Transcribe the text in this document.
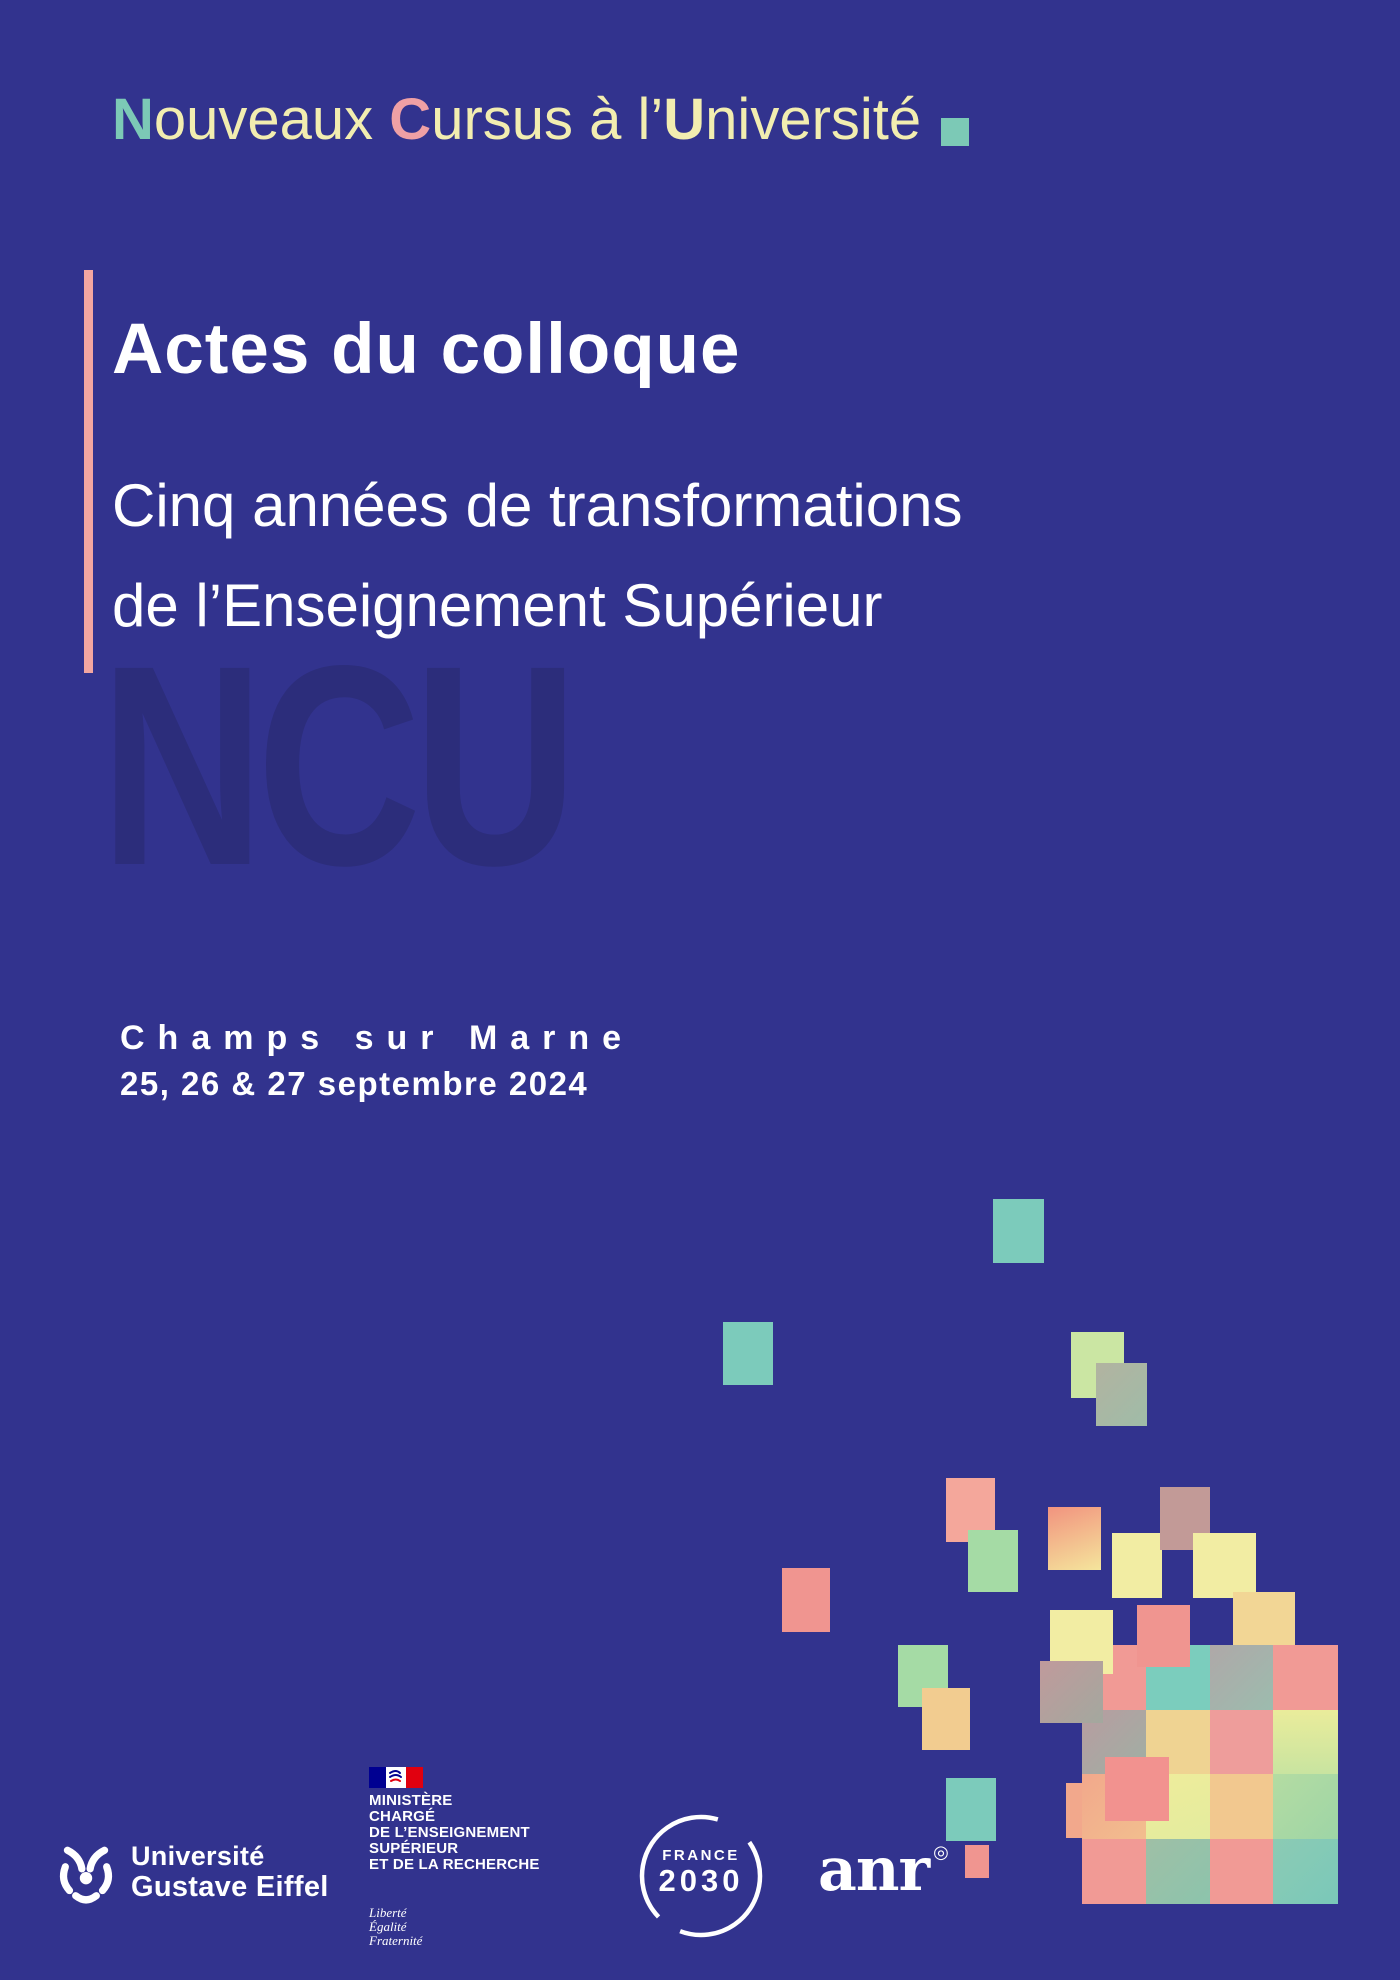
Nouveaux Cursus à l’Université
Actes du colloque
Cinq années de transformations
de l’Enseignement Supérieur
NCU
Champs sur Marne
25, 26 & 27 septembre 2024
Université
Gustave Eiffel
MINISTÈRE
CHARGÉ
DE L’ENSEIGNEMENT
SUPÉRIEUR
ET DE LA RECHERCHE
Liberté
Égalité
Fraternité
FRANCE
2030	anr ◎
